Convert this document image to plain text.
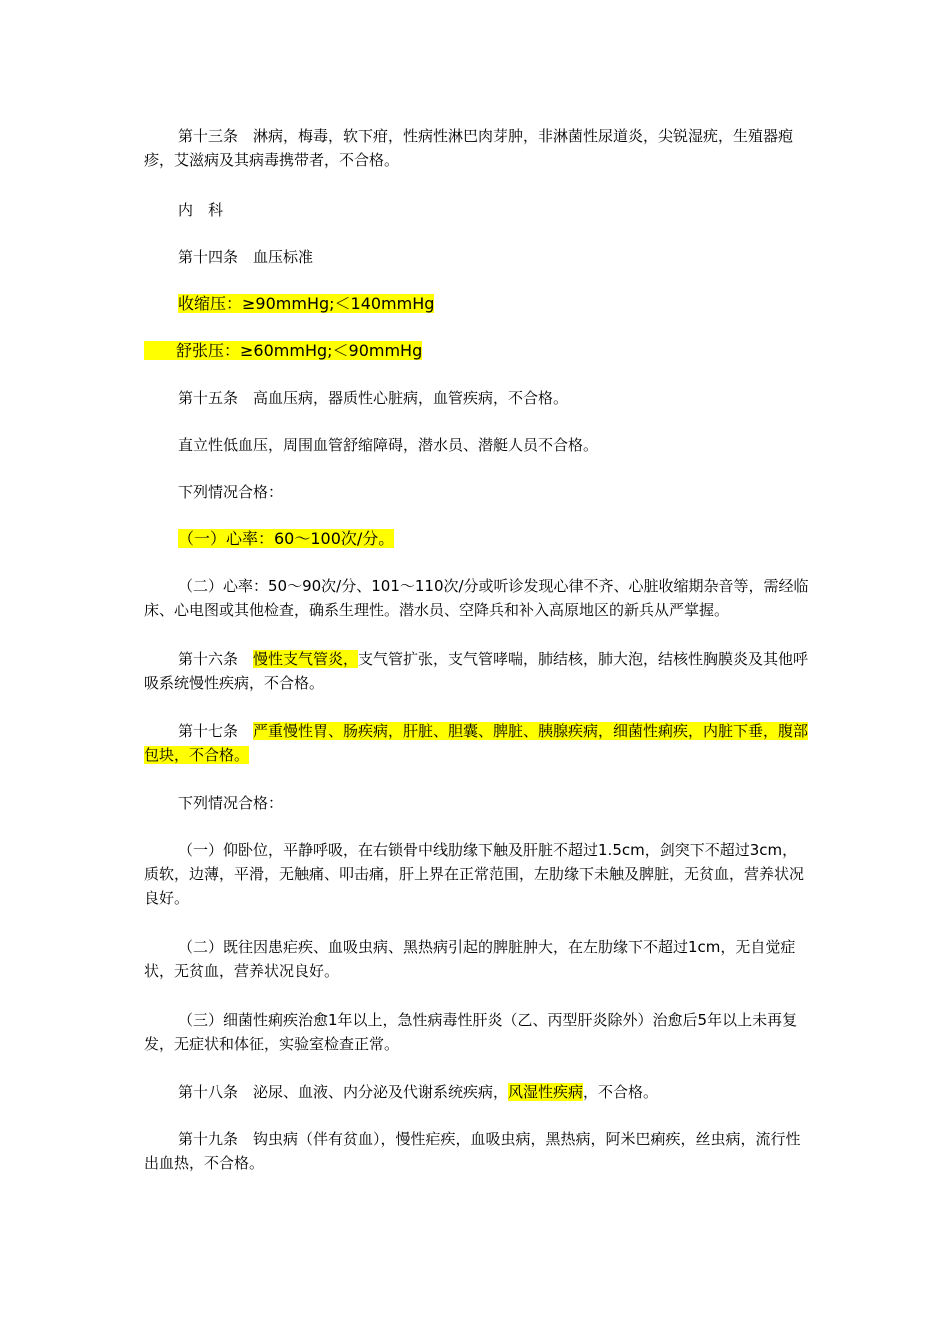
第十三条　淋病，梅毒，软下疳，性病性淋巴肉芽肿，非淋菌性尿道炎，尖锐湿疣，生殖器疱疹，艾滋病及其病毒携带者，不合格。

内　科

第十四条　血压标准

收缩压：≥90mmHg;＜140mmHg

　　舒张压：≥60mmHg;＜90mmHg

第十五条　高血压病，器质性心脏病，血管疾病，不合格。

直立性低血压，周围血管舒缩障碍，潜水员、潜艇人员不合格。

下列情况合格：

（一）心率：60～100次/分。

（二）心率：50～90次/分、101～110次/分或听诊发现心律不齐、心脏收缩期杂音等，需经临床、心电图或其他检查，确系生理性。潜水员、空降兵和补入高原地区的新兵从严掌握。

第十六条　慢性支气管炎，支气管扩张，支气管哮喘，肺结核，肺大泡，结核性胸膜炎及其他呼吸系统慢性疾病，不合格。

第十七条　严重慢性胃、肠疾病，肝脏、胆囊、脾脏、胰腺疾病，细菌性痢疾，内脏下垂，腹部包块，不合格。

下列情况合格：

（一）仰卧位，平静呼吸，在右锁骨中线肋缘下触及肝脏不超过1.5cm，剑突下不超过3cm，质软，边薄，平滑，无触痛、叩击痛，肝上界在正常范围，左肋缘下未触及脾脏，无贫血，营养状况良好。

（二）既往因患疟疾、血吸虫病、黑热病引起的脾脏肿大，在左肋缘下不超过1cm，无自觉症状，无贫血，营养状况良好。

（三）细菌性痢疾治愈1年以上，急性病毒性肝炎（乙、丙型肝炎除外）治愈后5年以上未再复发，无症状和体征，实验室检查正常。

第十八条　泌尿、血液、内分泌及代谢系统疾病，风湿性疾病，不合格。

第十九条　钩虫病（伴有贫血），慢性疟疾，血吸虫病，黑热病，阿米巴痢疾，丝虫病，流行性出血热，不合格。
